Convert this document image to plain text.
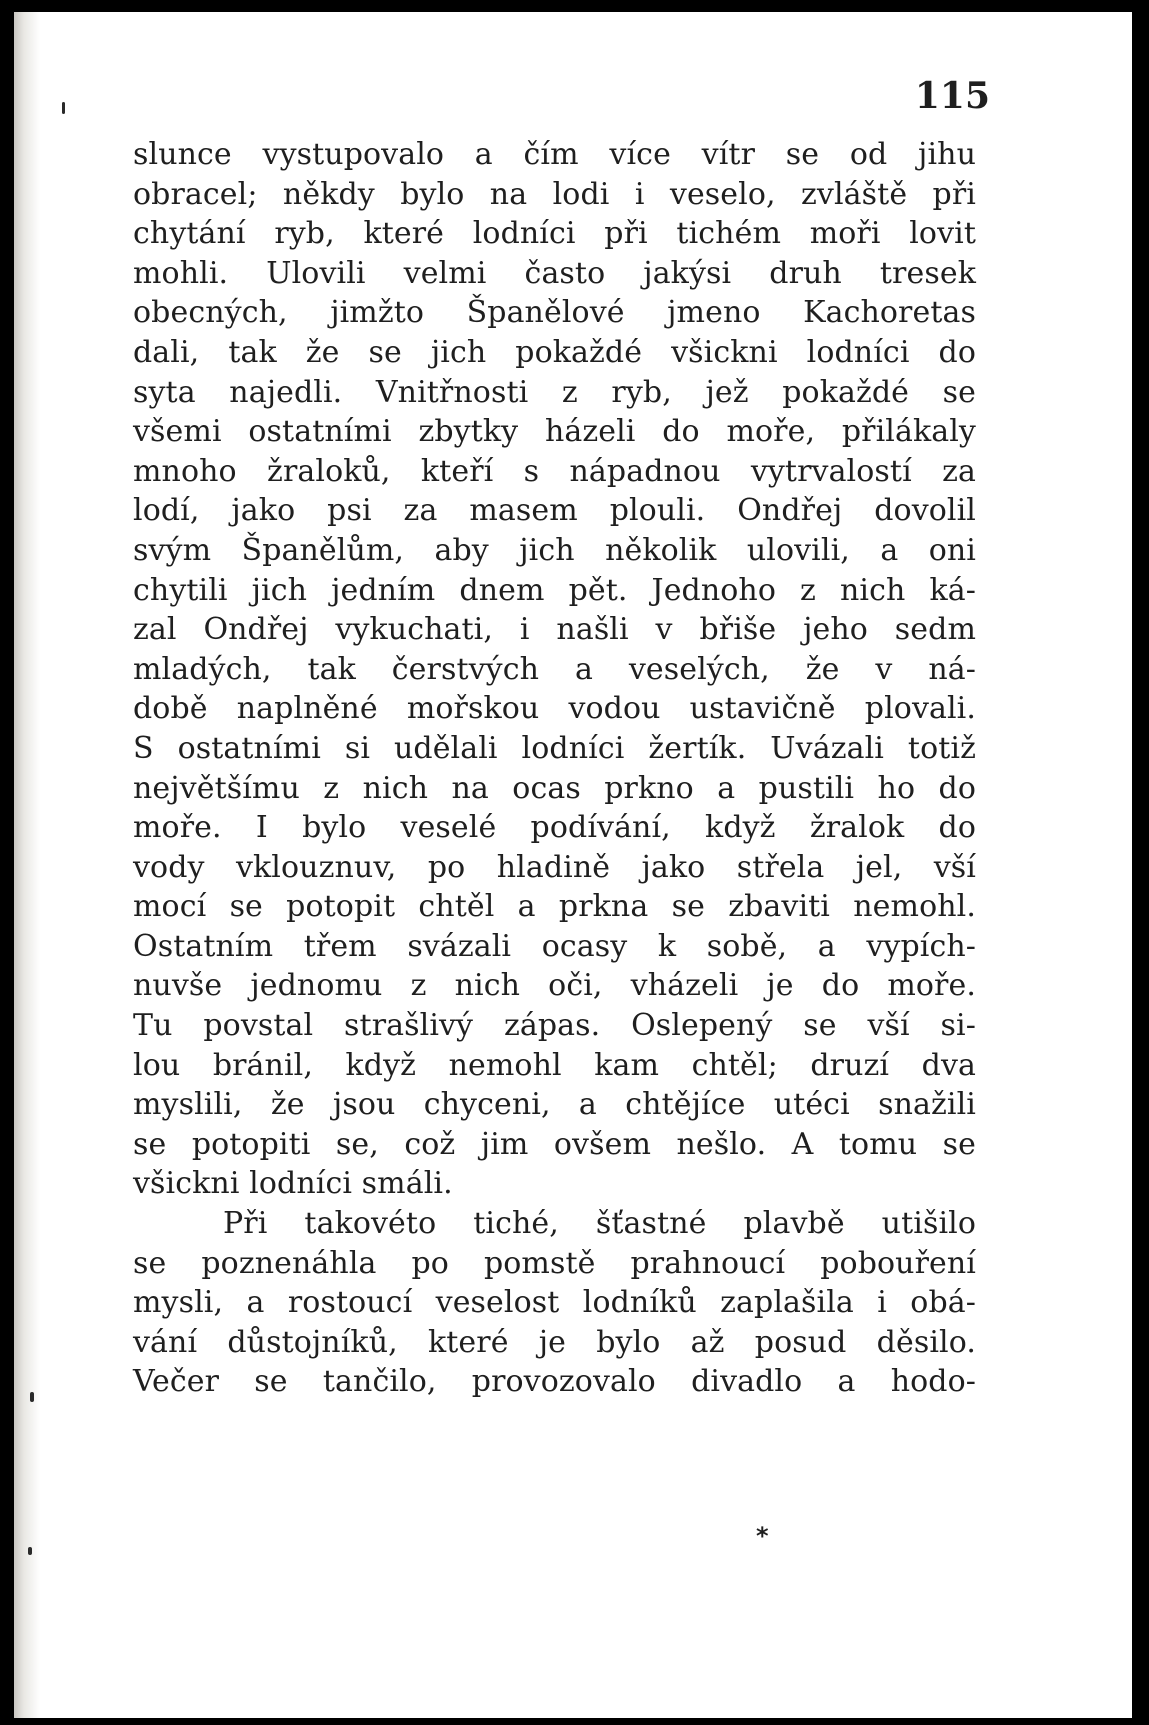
115
slunce vystupovalo a čím více vítr se od jihu
obracel; někdy bylo na lodi i veselo, zvláště při
chytání ryb, které lodníci při tichém moři lovit
mohli. Ulovili velmi často jakýsi druh tresek
obecných, jimžto Španělové jmeno Kachoretas
dali, tak že se jich pokaždé všickni lodníci do
syta najedli. Vnitřnosti z ryb, jež pokaždé se
všemi ostatními zbytky házeli do moře, přilákaly
mnoho žraloků, kteří s nápadnou vytrvalostí za
lodí, jako psi za masem plouli. Ondřej dovolil
svým Španělům, aby jich několik ulovili, a oni
chytili jich jedním dnem pět. Jednoho z nich ká-
zal Ondřej vykuchati, i našli v břiše jeho sedm
mladých, tak čerstvých a veselých, že v ná-
době naplněné mořskou vodou ustavičně plovali.
S ostatními si udělali lodníci žertík. Uvázali totiž
největšímu z nich na ocas prkno a pustili ho do
moře. I bylo veselé podívání, když žralok do
vody vklouznuv, po hladině jako střela jel, vší
mocí se potopit chtěl a prkna se zbaviti nemohl.
Ostatním třem svázali ocasy k sobě, a vypích-
nuvše jednomu z nich oči, vházeli je do moře.
Tu povstal strašlivý zápas. Oslepený se vší si-
lou bránil, když nemohl kam chtěl; druzí dva
myslili, že jsou chyceni, a chtějíce utéci snažili
se potopiti se, což jim ovšem nešlo. A tomu se
všickni lodníci smáli.
Při takovéto tiché, šťastné plavbě utišilo
se poznenáhla po pomstě prahnoucí pobouření
mysli, a rostoucí veselost lodníků zaplašila i obá-
vání důstojníků, které je bylo až posud děsilo.
Večer se tančilo, provozovalo divadlo a hodo-
*
